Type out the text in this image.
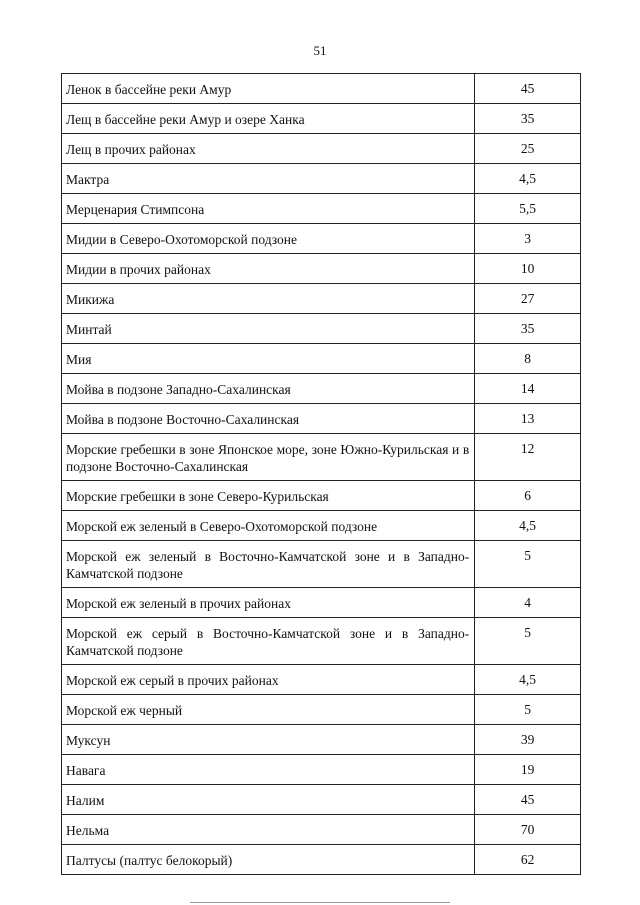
51
Ленок в бассейне реки Амур	45
Лещ в бассейне реки Амур и озере Ханка	35
Лещ в прочих районах	25
Мактра	4,5
Мерценария Стимпсона	5,5
Мидии в Северо-Охотоморской подзоне	3
Мидии в прочих районах	10
Микижа	27
Минтай	35
Мия	8
Мойва в подзоне Западно-Сахалинская	14
Мойва в подзоне Восточно-Сахалинская	13
Морские гребешки в зоне Японское море, зоне Южно-Курильская и в подзоне Восточно-Сахалинская	12
Морские гребешки в зоне Северо-Курильская	6
Морской еж зеленый в Северо-Охотоморской подзоне	4,5
Морской еж зеленый в Восточно-Камчатской зоне и в Западно-Камчатской подзоне	5
Морской еж зеленый в прочих районах	4
Морской еж серый в Восточно-Камчатской зоне и в Западно-Камчатской подзоне	5
Морской еж серый в прочих районах	4,5
Морской еж черный	5
Муксун	39
Навага	19
Налим	45
Нельма	70
Палтусы (палтус белокорый)	62
